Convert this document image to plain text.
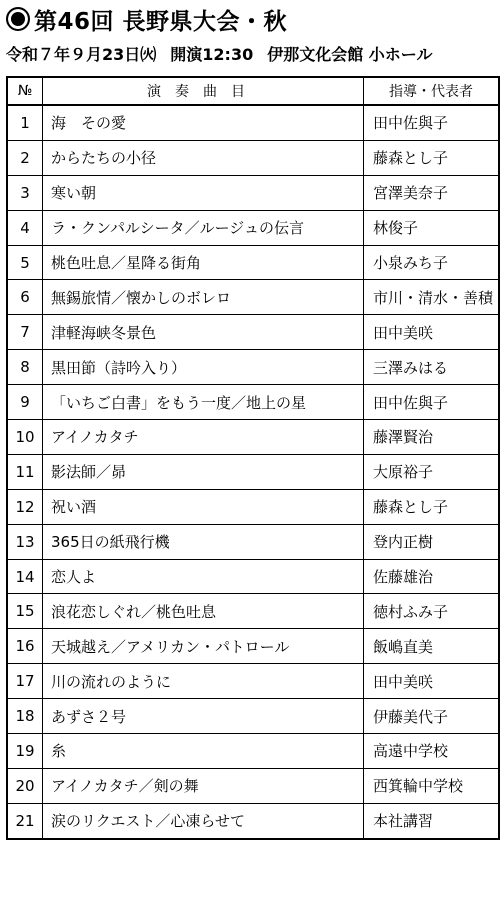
第46回 長野県大会・秋
令和７年９月23日㈫ 開演12:30 伊那文化会館 小ホール
№	演奏曲目	指導・代表者
1	海　その愛	田中佐與子
2	からたちの小径	藤森とし子
3	寒い朝	宮澤美奈子
4	ラ・クンパルシータ／ルージュの伝言	林俊子
5	桃色吐息／星降る街角	小泉みち子
6	無錫旅情／懐かしのボレロ	市川・清水・善積
7	津軽海峡冬景色	田中美咲
8	黒田節（詩吟入り）	三澤みはる
9	「いちご白書」をもう一度／地上の星	田中佐與子
10	アイノカタチ	藤澤賢治
11	影法師／昴	大原裕子
12	祝い酒	藤森とし子
13	365日の紙飛行機	登内正樹
14	恋人よ	佐藤雄治
15	浪花恋しぐれ／桃色吐息	徳村ふみ子
16	天城越え／アメリカン・パトロール	飯嶋直美
17	川の流れのように	田中美咲
18	あずさ２号	伊藤美代子
19	糸	高遠中学校
20	アイノカタチ／剣の舞	西箕輪中学校
21	涙のリクエスト／心凍らせて	本社講習
